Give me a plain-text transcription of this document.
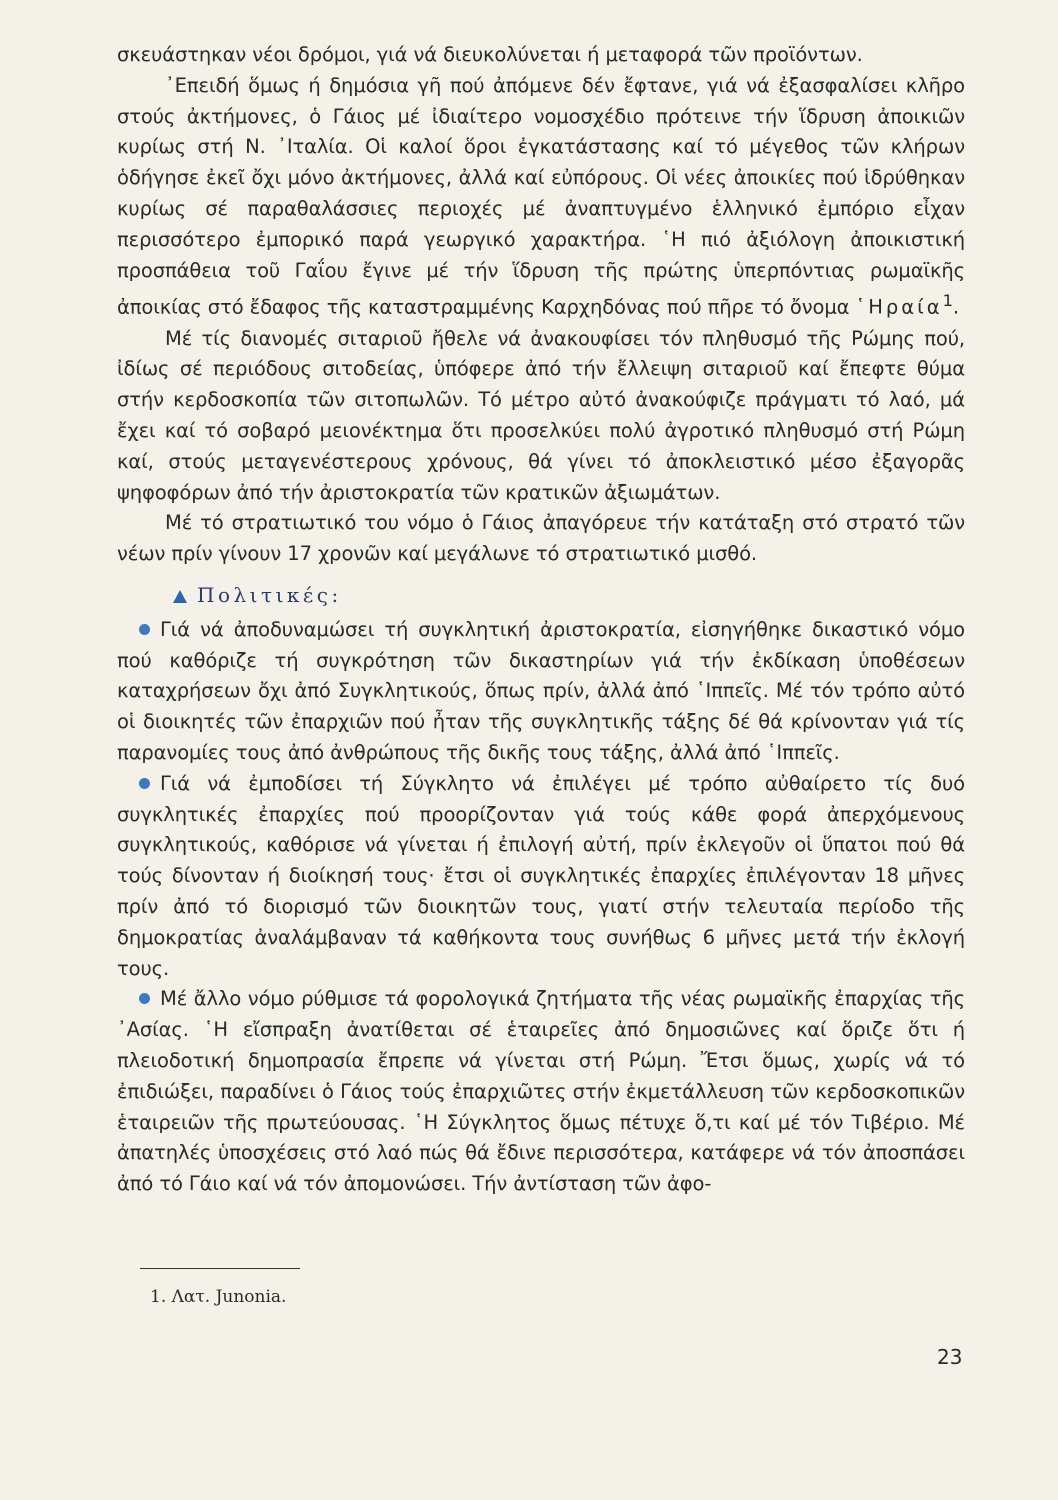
σκευάστηκαν νέοι δρόμοι, γιά νά διευκολύνεται ή μεταφορά τῶν προϊόντων.

᾿Επειδή ὅμως ή δημόσια γῆ πού ἀπόμενε δέν ἔφτανε, γιά νά ἐξασφαλίσει κλῆρο στούς ἀκτήμονες, ὁ Γάιος μέ ἰδιαίτερο νομοσχέδιο πρότεινε τήν ἵδρυση ἀποικιῶν κυρίως στή Ν. ᾿Ιταλία. Οἱ καλοί ὅροι ἐγκατάστασης καί τό μέγεθος τῶν κλήρων ὁδήγησε ἐκεῖ ὄχι μόνο ἀκτήμονες, ἀλλά καί εὐπόρους. Οἱ νέες ἀποικίες πού ἱδρύθηκαν κυρίως σέ παραθαλάσσιες περιοχές μέ ἀναπτυγμένο ἑλληνικό ἐμπόριο εἶχαν περισσότερο ἐμπορικό παρά γεωργικό χαρακτήρα. ῾Η πιό ἀξιόλογη ἀποικιστική προσπάθεια τοῦ Γαΐου ἔγινε μέ τήν ἵδρυση τῆς πρώτης ὑπερπόντιας ρωμαϊκῆς ἀποικίας στό ἔδαφος τῆς καταστραμμένης Καρχηδόνας πού πῆρε τό ὄνομα ῾Ηραία$^1$.

Μέ τίς διανομές σιταριοῦ ἤθελε νά ἀνακουφίσει τόν πληθυσμό τῆς Ρώμης πού, ἰδίως σέ περιόδους σιτοδείας, ὑπόφερε ἀπό τήν ἔλλειψη σιταριοῦ καί ἔπεφτε θύμα στήν κερδοσκοπία τῶν σιτοπωλῶν. Τό μέτρο αὐτό ἀνακούφιζε πράγματι τό λαό, μά ἔχει καί τό σοβαρό μειονέκτημα ὅτι προσελκύει πολύ ἀγροτικό πληθυσμό στή Ρώμη καί, στούς μεταγενέστερους χρόνους, θά γίνει τό ἀποκλειστικό μέσο ἐξαγορᾶς ψηφοφόρων ἀπό τήν ἀριστοκρατία τῶν κρατικῶν ἀξιωμάτων.

Μέ τό στρατιωτικό του νόμο ὁ Γάιος ἀπαγόρευε τήν κατάταξη στό στρατό τῶν νέων πρίν γίνουν 17 χρονῶν καί μεγάλωνε τό στρατιωτικό μισθό.

Πολιτικές:

Γιά νά ἀποδυναμώσει τή συγκλητική ἀριστοκρατία, εἰσηγήθηκε δικαστικό νόμο πού καθόριζε τή συγκρότηση τῶν δικαστηρίων γιά τήν ἐκδίκαση ὑποθέσεων καταχρήσεων ὄχι ἀπό Συγκλητικούς, ὅπως πρίν, ἀλλά ἀπό ῾Ιππεῖς. Μέ τόν τρόπο αὐτό οἱ διοικητές τῶν ἐπαρχιῶν πού ἦταν τῆς συγκλητικῆς τάξης δέ θά κρίνονταν γιά τίς παρανομίες τους ἀπό ἀνθρώπους τῆς δικῆς τους τάξης, ἀλλά ἀπό ῾Ιππεῖς.

Γιά νά ἐμποδίσει τή Σύγκλητο νά ἐπιλέγει μέ τρόπο αὐθαίρετο τίς δυό συγκλητικές ἐπαρχίες πού προορίζονταν γιά τούς κάθε φορά ἀπερχόμενους συγκλητικούς, καθόρισε νά γίνεται ή ἐπιλογή αὐτή, πρίν ἐκλεγοῦν οἱ ὕπατοι πού θά τούς δίνονταν ή διοίκησή τους· ἔτσι οἱ συγκλητικές ἐπαρχίες ἐπιλέγονταν 18 μῆνες πρίν ἀπό τό διορισμό τῶν διοικητῶν τους, γιατί στήν τελευταία περίοδο τῆς δημοκρατίας ἀναλάμβαναν τά καθήκοντα τους συνήθως 6 μῆνες μετά τήν ἐκλογή τους.

Μέ ἄλλο νόμο ρύθμισε τά φορολογικά ζητήματα τῆς νέας ρωμαϊκῆς ἐπαρχίας τῆς ᾿Ασίας. ῾Η εἴσπραξη ἀνατίθεται σέ ἑταιρεῖες ἀπό δημοσιῶνες καί ὅριζε ὅτι ή πλειοδοτική δημοπρασία ἔπρεπε νά γίνεται στή Ρώμη. Ἔτσι ὅμως, χωρίς νά τό ἐπιδιώξει, παραδίνει ὁ Γάιος τούς ἐπαρχιῶτες στήν ἐκμετάλλευση τῶν κερδοσκοπικῶν ἑταιρειῶν τῆς πρωτεύουσας. ῾Η Σύγκλητος ὅμως πέτυχε ὅ,τι καί μέ τόν Τιβέριο. Μέ ἀπατηλές ὑποσχέσεις στό λαό πώς θά ἔδινε περισσότερα, κατάφερε νά τόν ἀποσπάσει ἀπό τό Γάιο καί νά τόν ἀπομονώσει. Τήν ἀντίσταση τῶν ἀφο-

1. Λατ. Junonia.
23
